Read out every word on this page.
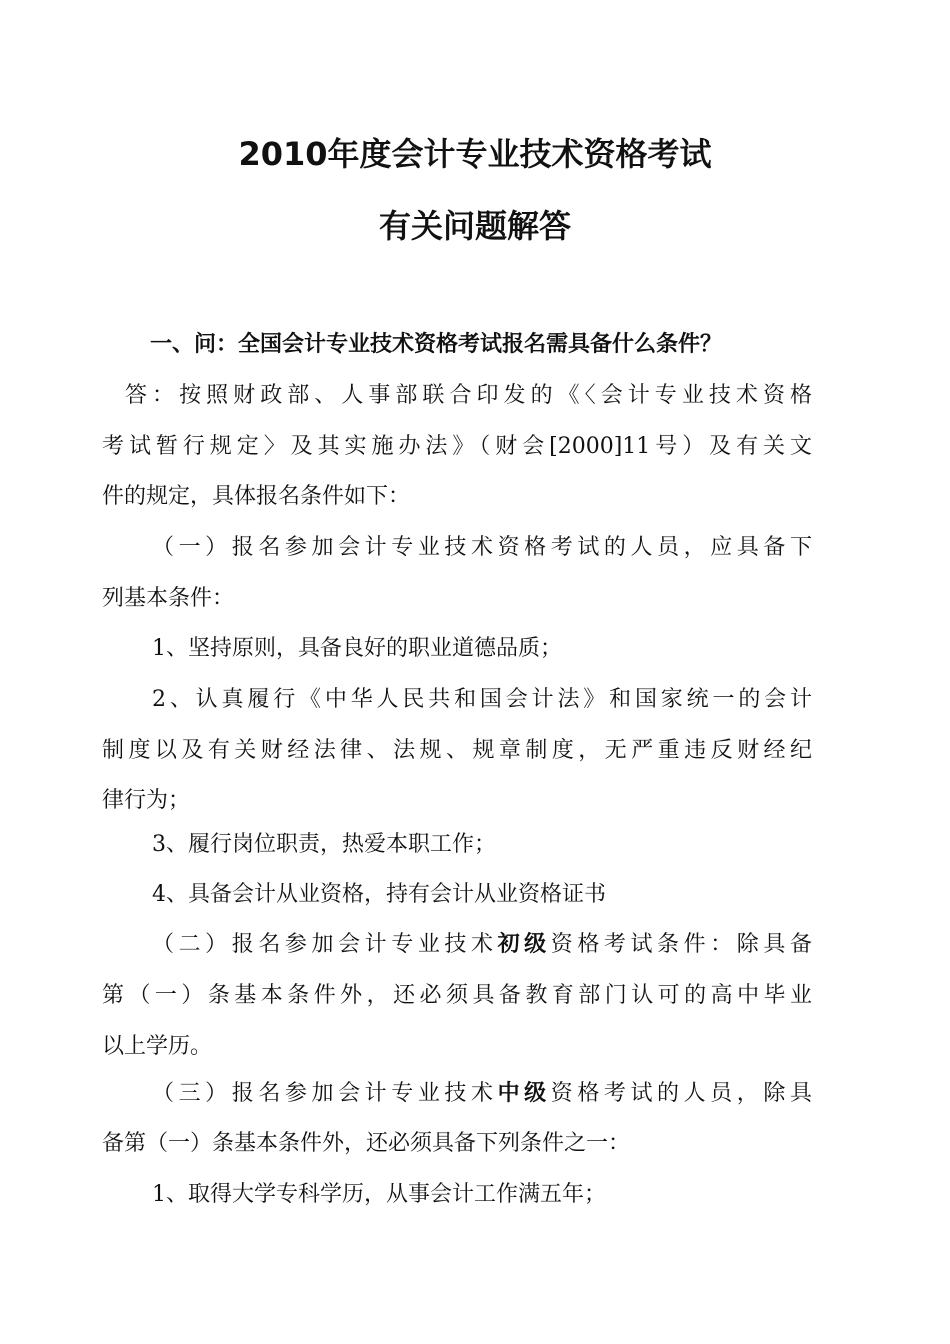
2010年度会计专业技术资格考试
有关问题解答
一、问：全国会计专业技术资格考试报名需具备什么条件？
答：按照财政部、人事部联合印发的《〈会计专业技术资格
考试暂行规定〉及其实施办法》（财会[2000]11号）及有关文
件的规定，具体报名条件如下：
（一）报名参加会计专业技术资格考试的人员，应具备下
列基本条件：
1、坚持原则，具备良好的职业道德品质；
2、认真履行《中华人民共和国会计法》和国家统一的会计
制度以及有关财经法律、法规、规章制度，无严重违反财经纪
律行为；
3、履行岗位职责，热爱本职工作；
4、具备会计从业资格，持有会计从业资格证书
（二）报名参加会计专业技术初级资格考试条件：除具备
第（一）条基本条件外，还必须具备教育部门认可的高中毕业
以上学历。
（三）报名参加会计专业技术中级资格考试的人员，除具
备第（一）条基本条件外，还必须具备下列条件之一：
1、取得大学专科学历，从事会计工作满五年；
